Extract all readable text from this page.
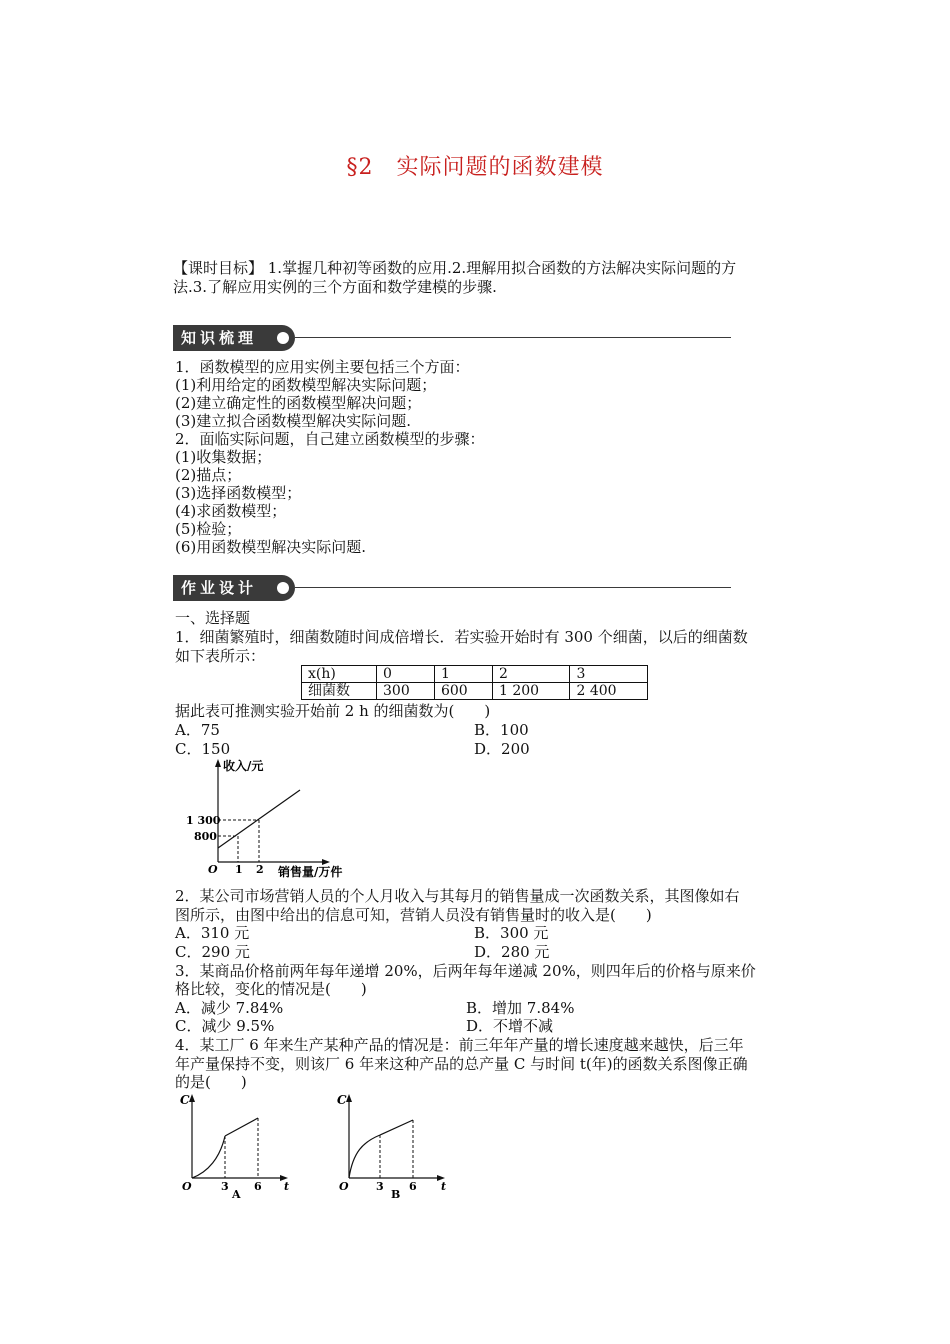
§2　实际问题的函数建模
【课时目标】 1.掌握几种初等函数的应用.2.理解用拟合函数的方法解决实际问题的方
法.3.了解应用实例的三个方面和数学建模的步骤.
知识梳理
1．函数模型的应用实例主要包括三个方面：
(1)利用给定的函数模型解决实际问题；
(2)建立确定性的函数模型解决问题；
(3)建立拟合函数模型解决实际问题.
2．面临实际问题，自己建立函数模型的步骤：
(1)收集数据；
(2)描点；
(3)选择函数模型；
(4)求函数模型；
(5)检验；
(6)用函数模型解决实际问题.
作业设计
一、选择题
1．细菌繁殖时，细菌数随时间成倍增长．若实验开始时有 300 个细菌，以后的细菌数
如下表所示：
x(h)	0	1	2	3
细菌数	300	600	1 200	2 400
据此表可推测实验开始前 2 h 的细菌数为(　　)
A．75	B．100
C．150	D．200
收入/元
1 300
800
O 1 2 销售量/万件
2．某公司市场营销人员的个人月收入与其每月的销售量成一次函数关系，其图像如右
图所示，由图中给出的信息可知，营销人员没有销售量时的收入是(　　)
A．310 元	B．300 元
C．290 元	D．280 元
3．某商品价格前两年每年递增 20%，后两年每年递减 20%，则四年后的价格与原来价
格比较，变化的情况是(　　)
A．减少 7.84%	B．增加 7.84%
C．减少 9.5%	D．不增不减
4．某工厂 6 年来生产某种产品的情况是：前三年年产量的增长速度越来越快，后三年
年产量保持不变，则该厂 6 年来这种产品的总产量 C 与时间 t(年)的函数关系图像正确
的是(　　)
C
O	3 6 t
A
C
O 3 6 t
B
